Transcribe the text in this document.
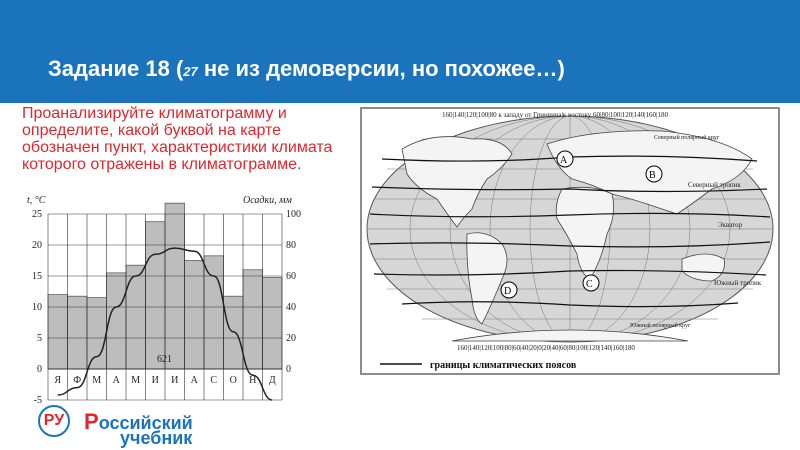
Задание 18 (27 не из демоверсии, но похожее…)
Проанализируйте климатограмму и определите, какой буквой на карте обозначен пункт, характеристики климата которого отражены в климатограмме.
t, °C	Осадки, мм
25
20
15
10
5
0
-5
100
80
60
40
20
0
621
Я Ф М А М И И А С О Н Д
160|140|120|100|80 к западу от Гринвича|к востоку 60|80|100|120|140|160|180
160|140|120|100|80|60|40|20|0|20|40|60|80|100|120|140|160|180
Северный тропик
Экватор
Южный тропик
Северный полярный круг
Южный полярный круг
А
B
C
D
границы климатических поясов
РУ Российский
учебник
